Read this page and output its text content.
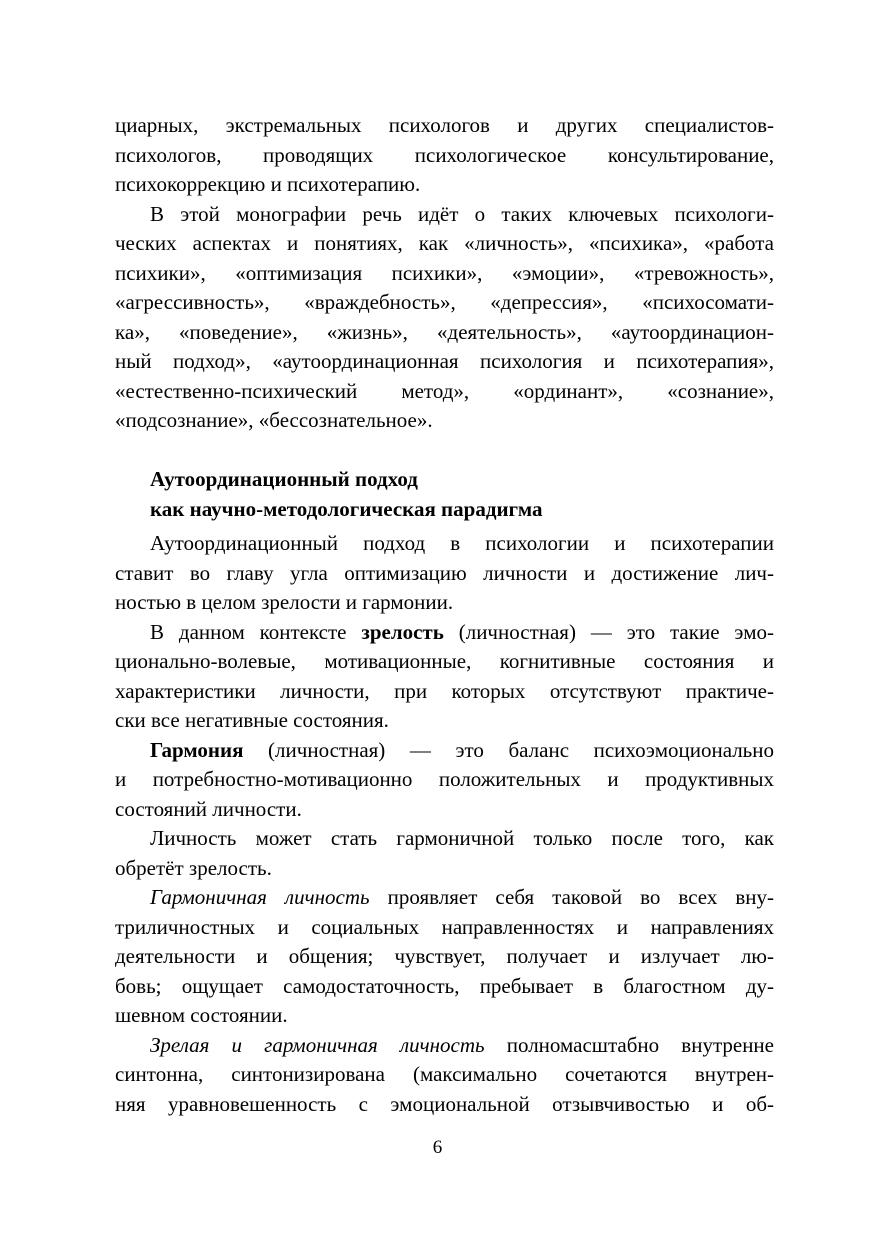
циарных, экстремальных психологов и других специалистов-
психологов, проводящих психологическое консультирование,
психокоррекцию и психотерапию.
В этой монографии речь идёт о таких ключевых психологи-
ческих аспектах и понятиях, как «личность», «психика», «работа
психики», «оптимизация психики», «эмоции», «тревожность»,
«агрессивность», «враждебность», «депрессия», «психосомати-
ка», «поведение», «жизнь», «деятельность», «аутоординацион-
ный подход», «аутоординационная психология и психотерапия»,
«естественно-психический метод», «ординант», «сознание»,
«подсознание», «бессознательное».
Аутоординационный подход
как научно-методологическая парадигма
Аутоординационный подход в психологии и психотерапии
ставит во главу угла оптимизацию личности и достижение лич-
ностью в целом зрелости и гармонии.
В данном контексте зрелость (личностная) — это такие эмо-
ционально-волевые, мотивационные, когнитивные состояния и
характеристики личности, при которых отсутствуют практиче-
ски все негативные состояния.
Гармония (личностная) — это баланс психоэмоционально
и потребностно-мотивационно положительных и продуктивных
состояний личности.
Личность может стать гармоничной только после того, как
обретёт зрелость.
Гармоничная личность проявляет себя таковой во всех вну-
триличностных и социальных направленностях и направлениях
деятельности и общения; чувствует, получает и излучает лю-
бовь; ощущает самодостаточность, пребывает в благостном ду-
шевном состоянии.
Зрелая и гармоничная личность полномасштабно внутренне
синтонна, синтонизирована (максимально сочетаются внутрен-
няя уравновешенность с эмоциональной отзывчивостью и об-
6
